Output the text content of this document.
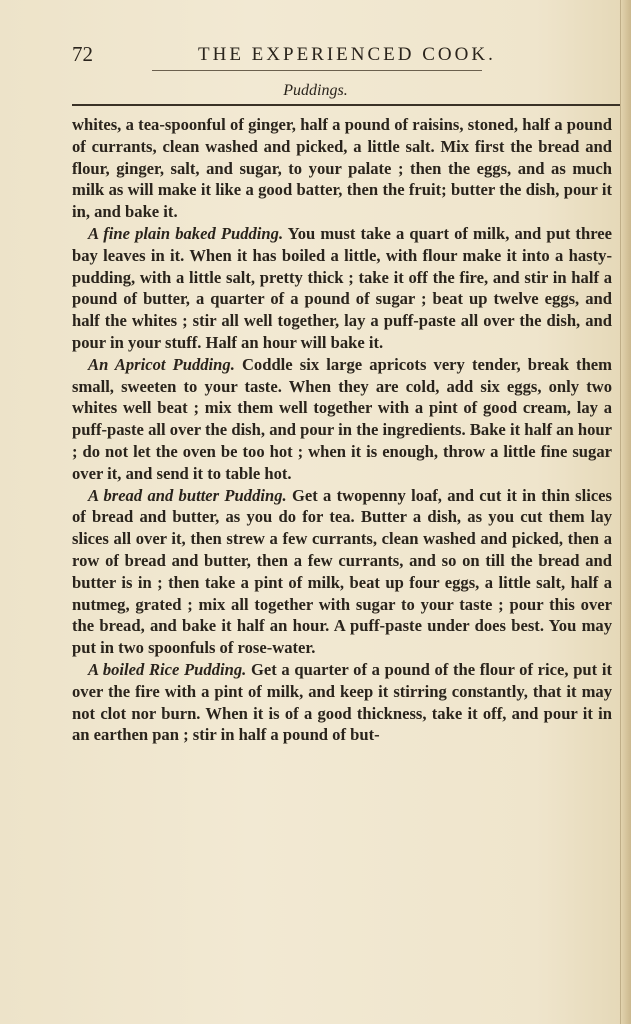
72	THE EXPERIENCED COOK.
Puddings.

whites, a tea-spoonful of ginger, half a pound of raisins, stoned, half a pound of currants, clean washed and picked, a little salt. Mix first the bread and flour, ginger, salt, and sugar, to your palate ; then the eggs, and as much milk as will make it like a good batter, then the fruit; butter the dish, pour it in, and bake it.

A fine plain baked Pudding. You must take a quart of milk, and put three bay leaves in it. When it has boiled a little, with flour make it into a hasty-pudding, with a little salt, pretty thick ; take it off the fire, and stir in half a pound of butter, a quarter of a pound of sugar ; beat up twelve eggs, and half the whites ; stir all well together, lay a puff-paste all over the dish, and pour in your stuff. Half an hour will bake it.

An Apricot Pudding. Coddle six large apricots very tender, break them small, sweeten to your taste. When they are cold, add six eggs, only two whites well beat ; mix them well together with a pint of good cream, lay a puff-paste all over the dish, and pour in the ingredients. Bake it half an hour ; do not let the oven be too hot ; when it is enough, throw a little fine sugar over it, and send it to table hot.

A bread and butter Pudding. Get a twopenny loaf, and cut it in thin slices of bread and butter, as you do for tea. Butter a dish, as you cut them lay slices all over it, then strew a few currants, clean washed and picked, then a row of bread and butter, then a few currants, and so on till the bread and butter is in ; then take a pint of milk, beat up four eggs, a little salt, half a nutmeg, grated ; mix all together with sugar to your taste ; pour this over the bread, and bake it half an hour. A puff-paste under does best. You may put in two spoonfuls of rose-water.

A boiled Rice Pudding. Get a quarter of a pound of the flour of rice, put it over the fire with a pint of milk, and keep it stirring constantly, that it may not clot nor burn. When it is of a good thickness, take it off, and pour it in an earthen pan ; stir in half a pound of but-
